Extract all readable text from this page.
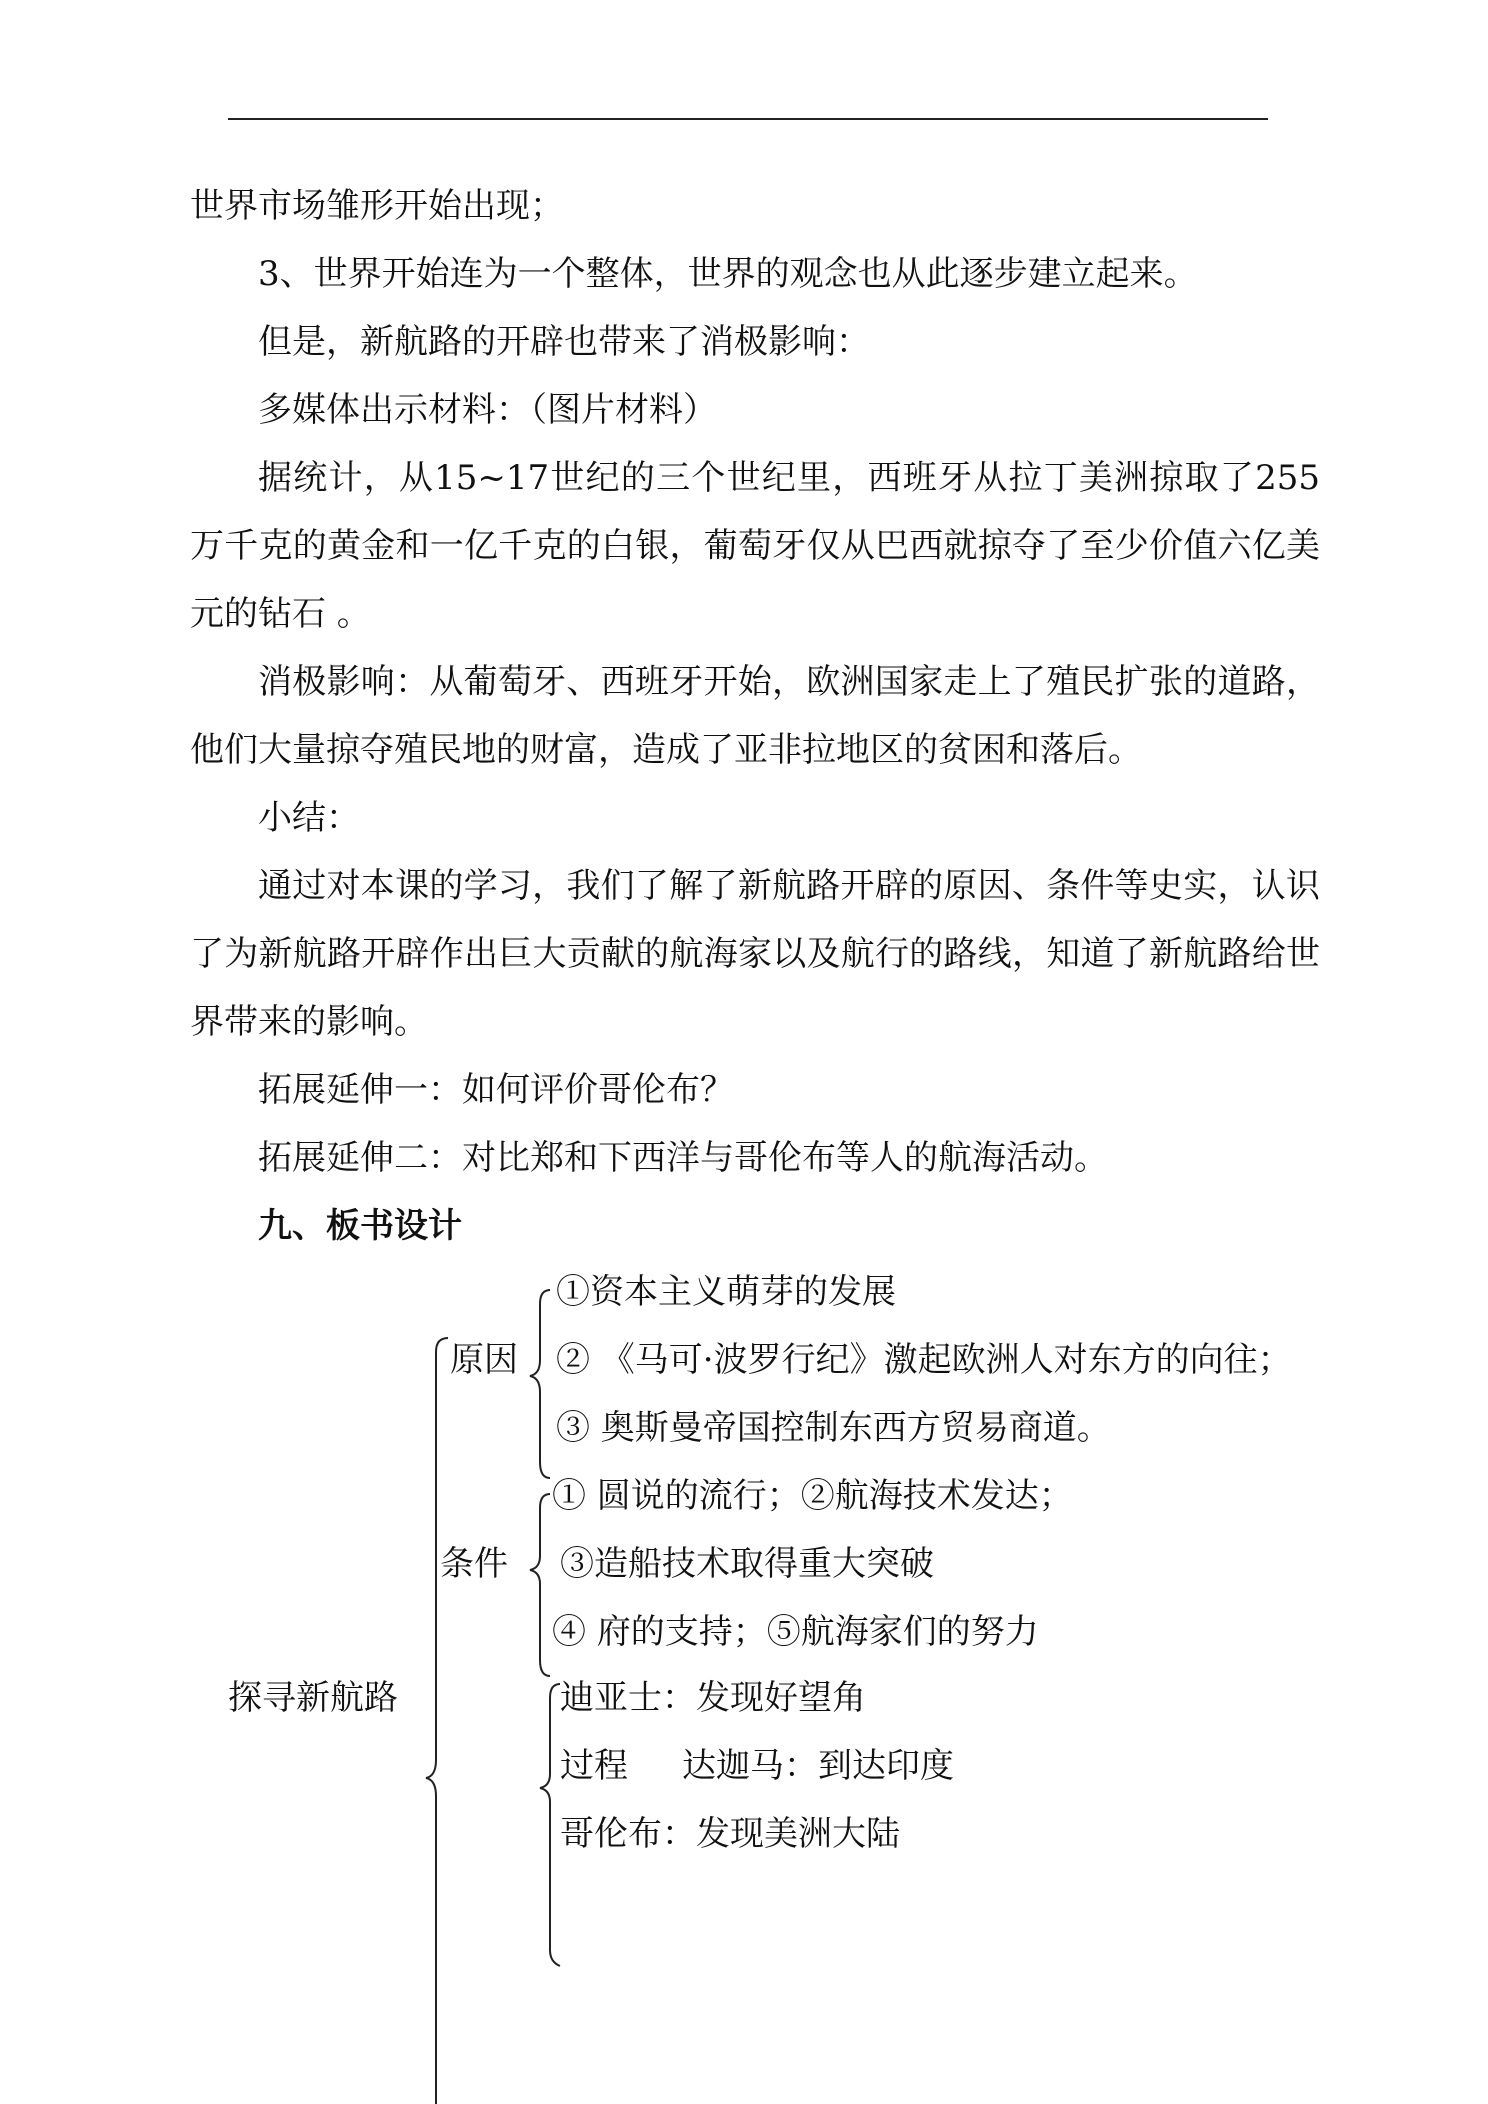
世界市场雏形开始出现；

3、世界开始连为一个整体，世界的观念也从此逐步建立起来。

但是，新航路的开辟也带来了消极影响：

多媒体出示材料：（图片材料）

据统计，从15~17世纪的三个世纪里，西班牙从拉丁美洲掠取了255万千克的黄金和一亿千克的白银，葡萄牙仅从巴西就掠夺了至少价值六亿美元的钻石 。

消极影响：从葡萄牙、西班牙开始，欧洲国家走上了殖民扩张的道路，他们大量掠夺殖民地的财富，造成了亚非拉地区的贫困和落后。

小结：

通过对本课的学习，我们了解了新航路开辟的原因、条件等史实，认识了为新航路开辟作出巨大贡献的航海家以及航行的路线，知道了新航路给世界带来的影响。

拓展延伸一：如何评价哥伦布？

拓展延伸二：对比郑和下西洋与哥伦布等人的航海活动。

九、板书设计

探寻新航路
原因
①资本主义萌芽的发展
② 《马可·波罗行纪》激起欧洲人对东方的向往；
③ 奥斯曼帝国控制东西方贸易商道。
条件
① 圆说的流行；②航海技术发达；
③造船技术取得重大突破
④ 府的支持；⑤航海家们的努力
过程
迪亚士：发现好望角
达迦马：到达印度
哥伦布：发现美洲大陆
